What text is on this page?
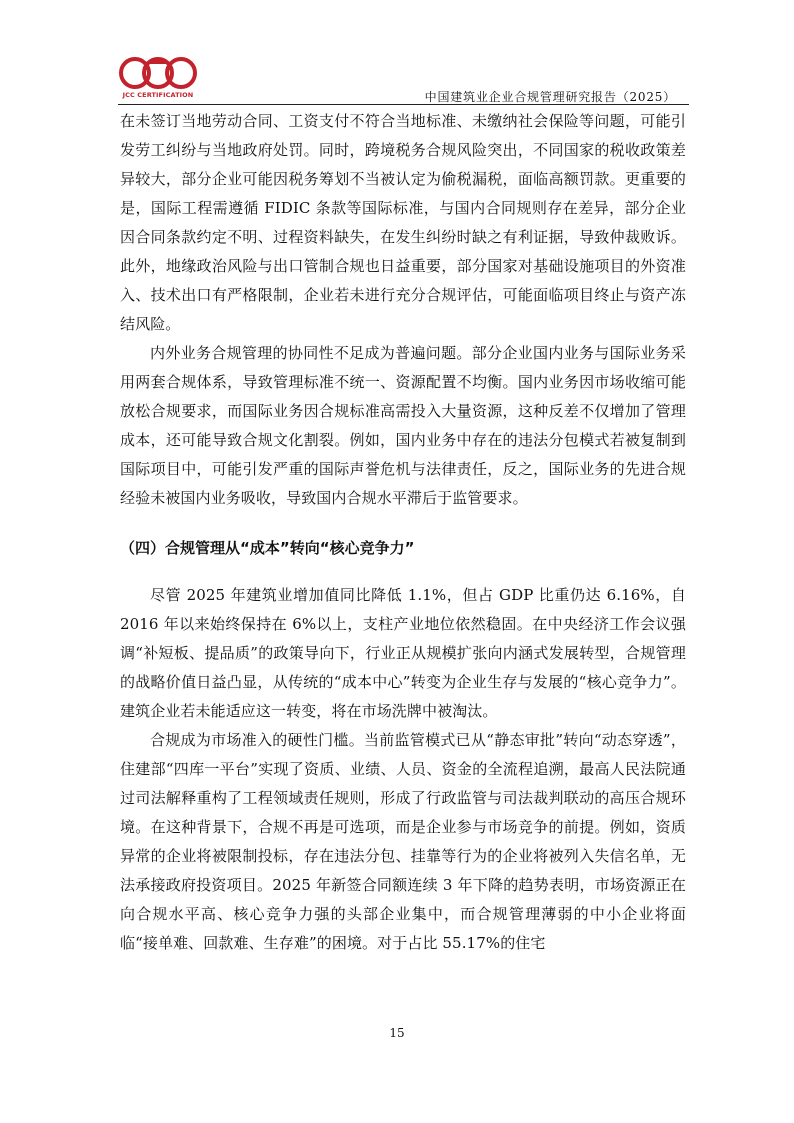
JCC CERTIFICATION	中国建筑业企业合规管理研究报告（2025）

在未签订当地劳动合同、工资支付不符合当地标准、未缴纳社会保险等问题，可能引发劳工纠纷与当地政府处罚。同时，跨境税务合规风险突出，不同国家的税收政策差异较大，部分企业可能因税务筹划不当被认定为偷税漏税，面临高额罚款。更重要的是，国际工程需遵循 FIDIC 条款等国际标准，与国内合同规则存在差异，部分企业因合同条款约定不明、过程资料缺失，在发生纠纷时缺之有利证据，导致仲裁败诉。此外，地缘政治风险与出口管制合规也日益重要，部分国家对基础设施项目的外资准入、技术出口有严格限制，企业若未进行充分合规评估，可能面临项目终止与资产冻结风险。

内外业务合规管理的协同性不足成为普遍问题。部分企业国内业务与国际业务采用两套合规体系，导致管理标准不统一、资源配置不均衡。国内业务因市场收缩可能放松合规要求，而国际业务因合规标准高需投入大量资源，这种反差不仅增加了管理成本，还可能导致合规文化割裂。例如，国内业务中存在的违法分包模式若被复制到国际项目中，可能引发严重的国际声誉危机与法律责任，反之，国际业务的先进合规经验未被国内业务吸收，导致国内合规水平滞后于监管要求。

（四）合规管理从“成本”转向“核心竞争力”

尽管 2025 年建筑业增加值同比降低 1.1%，但占 GDP 比重仍达 6.16%，自 2016 年以来始终保持在 6%以上，支柱产业地位依然稳固。在中央经济工作会议强调“补短板、提品质”的政策导向下，行业正从规模扩张向内涵式发展转型，合规管理的战略价值日益凸显，从传统的“成本中心”转变为企业生存与发展的“核心竞争力”。建筑企业若未能适应这一转变，将在市场洗牌中被淘汰。

合规成为市场准入的硬性门槛。当前监管模式已从“静态审批”转向“动态穿透”，住建部“四库一平台”实现了资质、业绩、人员、资金的全流程追溯，最高人民法院通过司法解释重构了工程领域责任规则，形成了行政监管与司法裁判联动的高压合规环境。在这种背景下，合规不再是可选项，而是企业参与市场竞争的前提。例如，资质异常的企业将被限制投标，存在违法分包、挂靠等行为的企业将被列入失信名单，无法承接政府投资项目。2025 年新签合同额连续 3 年下降的趋势表明，市场资源正在向合规水平高、核心竞争力强的头部企业集中，而合规管理薄弱的中小企业将面临“接单难、回款难、生存难”的困境。对于占比 55.17%的住宅

15
